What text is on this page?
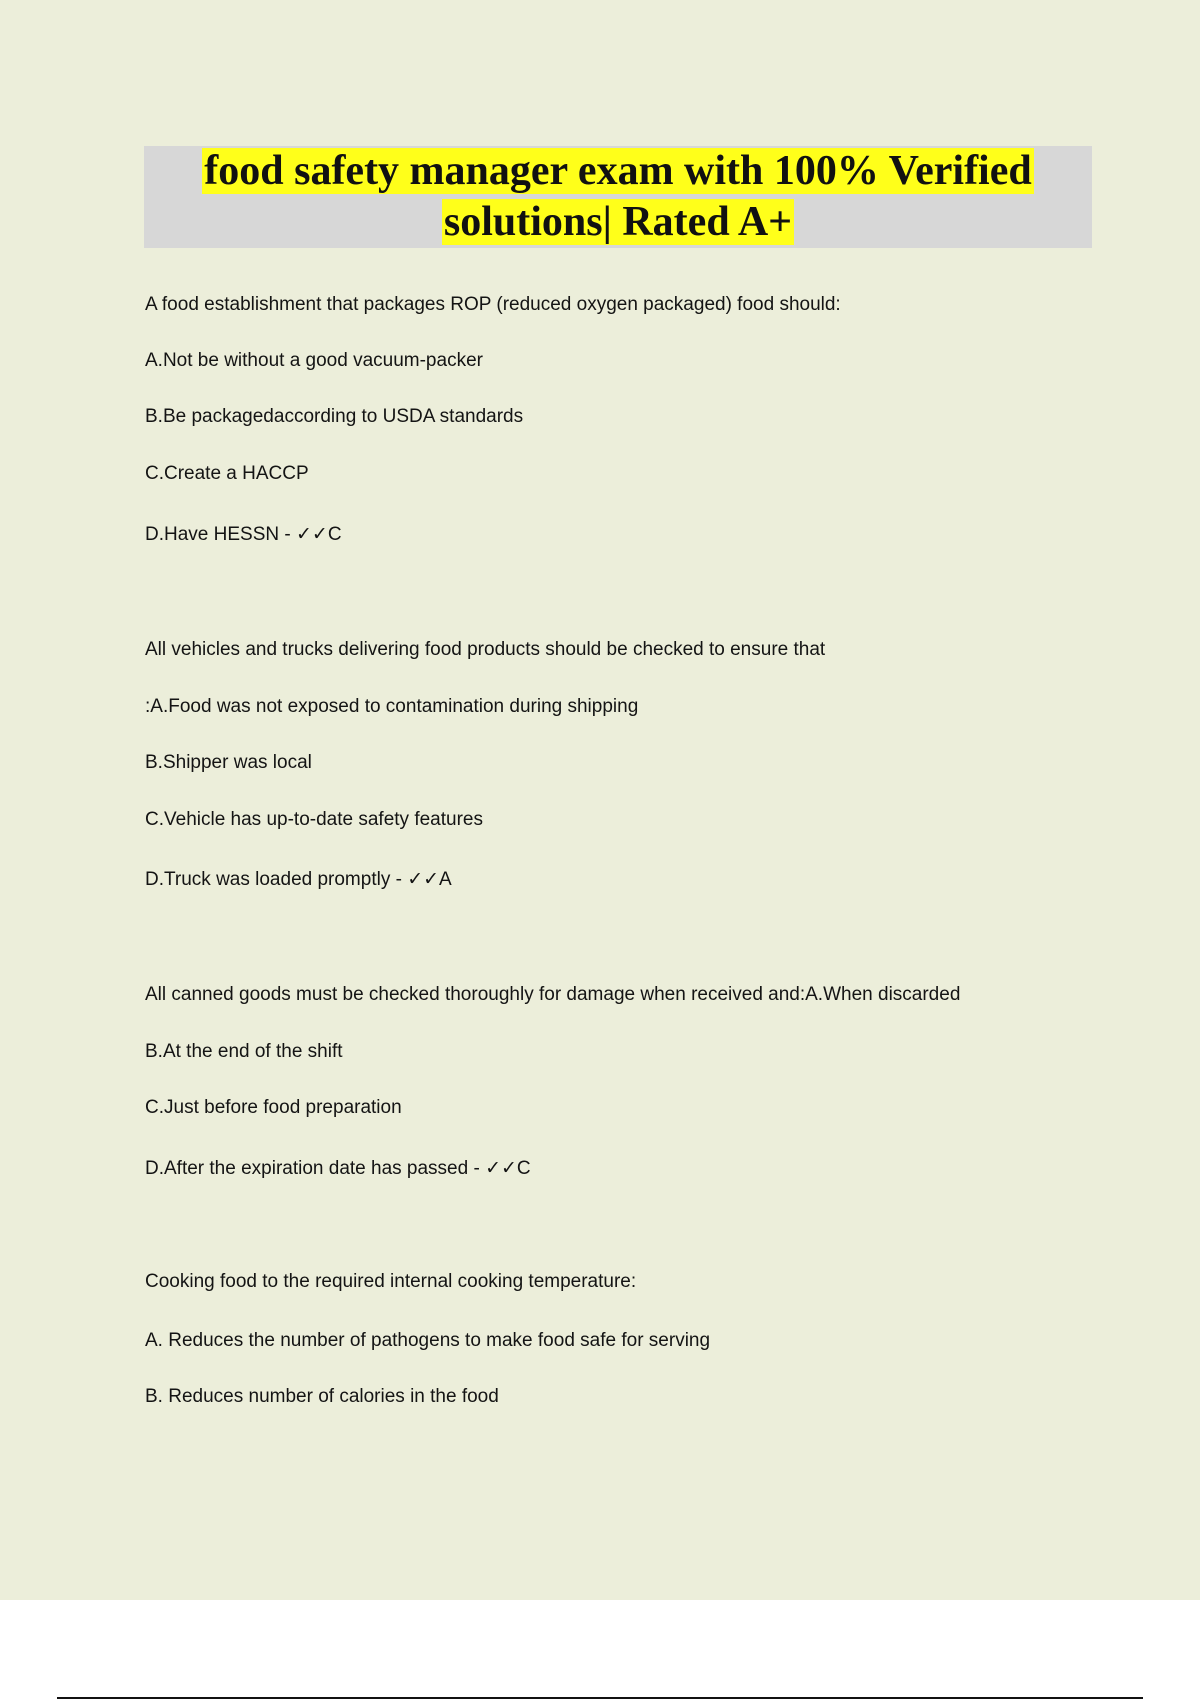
food safety manager exam with 100% Verified
solutions| Rated A+
A food establishment that packages ROP (reduced oxygen packaged) food should:
A.Not be without a good vacuum-packer
B.Be packagedaccording to USDA standards
C.Create a HACCP
D.Have HESSN - ✓✓C
All vehicles and trucks delivering food products should be checked to ensure that
:A.Food was not exposed to contamination during shipping
B.Shipper was local
C.Vehicle has up-to-date safety features
D.Truck was loaded promptly - ✓✓A
All canned goods must be checked thoroughly for damage when received and:A.When discarded
B.At the end of the shift
C.Just before food preparation
D.After the expiration date has passed - ✓✓C
Cooking food to the required internal cooking temperature:
A. Reduces the number of pathogens to make food safe for serving
B. Reduces number of calories in the food
